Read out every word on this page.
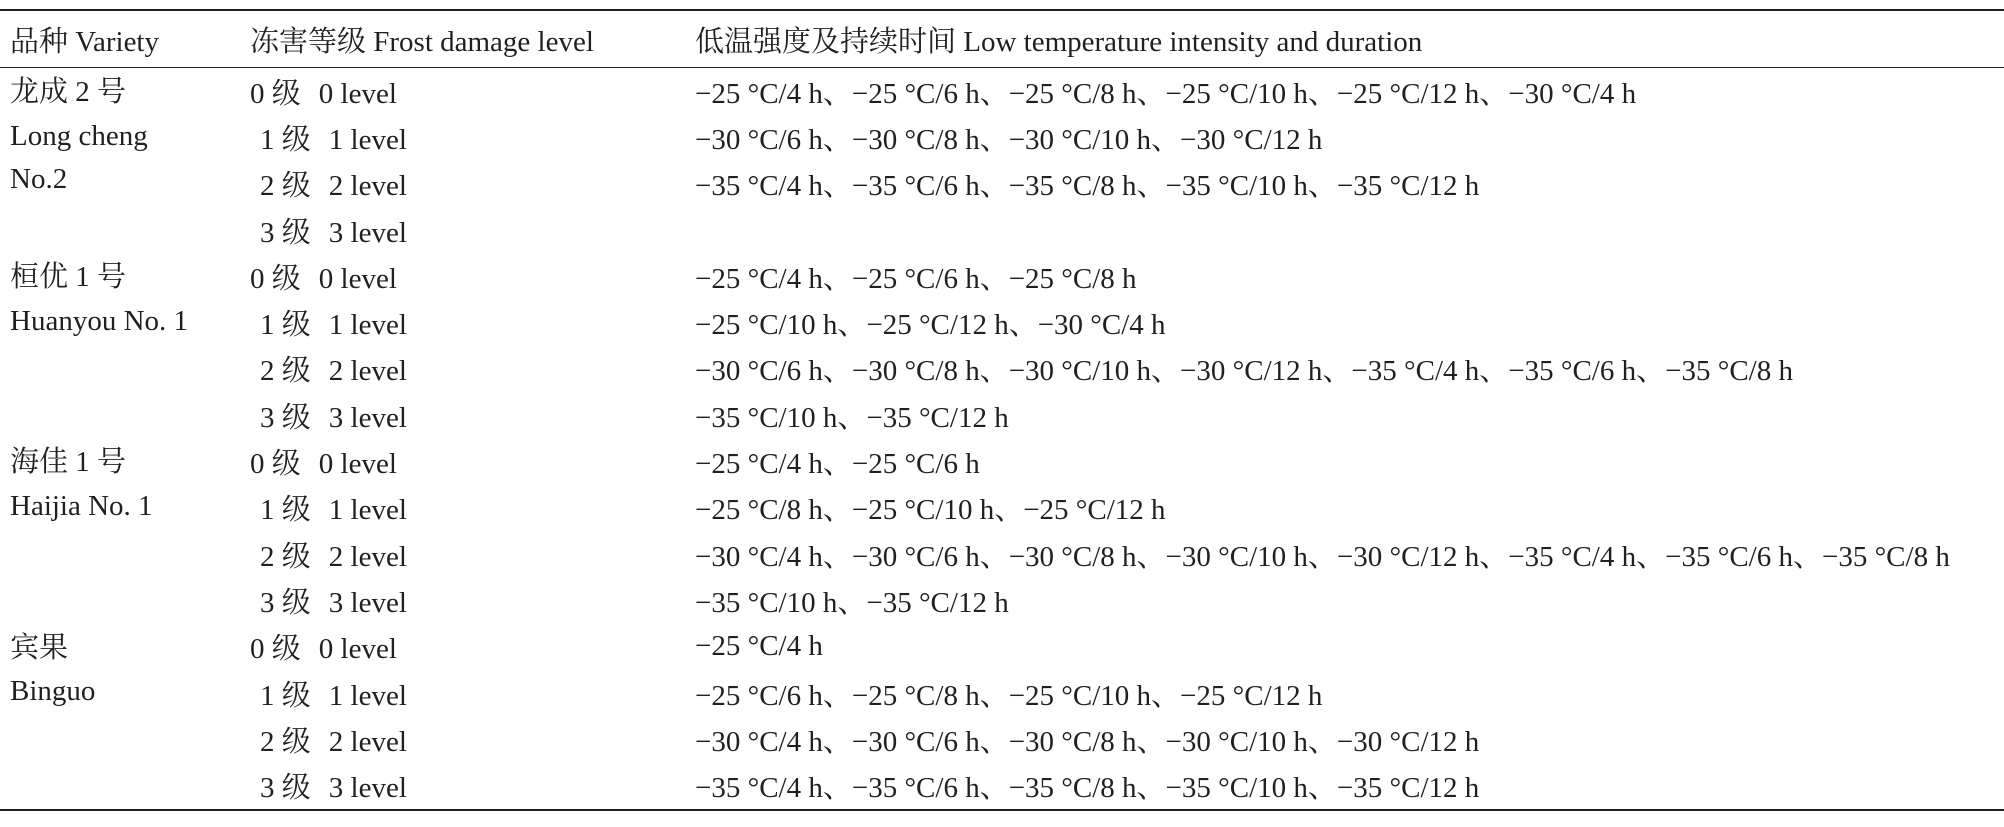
品种 Variety	冻害等级 Frost damage level	低温强度及持续时间 Low temperature intensity and duration
龙成 2 号
Long cheng
No.2	0 级 0 level	−25 °C/4 h、−25 °C/6 h、−25 °C/8 h、−25 °C/10 h、−25 °C/12 h、−30 °C/4 h
	1 级 1 level	−30 °C/6 h、−30 °C/8 h、−30 °C/10 h、−30 °C/12 h
	2 级 2 level	−35 °C/4 h、−35 °C/6 h、−35 °C/8 h、−35 °C/10 h、−35 °C/12 h
	3 级 3 level	

桓优 1 号
Huanyou No. 1	0 级 0 level	−25 °C/4 h、−25 °C/6 h、−25 °C/8 h
	1 级 1 level	−25 °C/10 h、−25 °C/12 h、−30 °C/4 h
	2 级 2 level	−30 °C/6 h、−30 °C/8 h、−30 °C/10 h、−30 °C/12 h、−35 °C/4 h、−35 °C/6 h、−35 °C/8 h
	3 级 3 level	−35 °C/10 h、−35 °C/12 h

海佳 1 号
Haijia No. 1	0 级 0 level	−25 °C/4 h、−25 °C/6 h
	1 级 1 level	−25 °C/8 h、−25 °C/10 h、−25 °C/12 h
	2 级 2 level	−30 °C/4 h、−30 °C/6 h、−30 °C/8 h、−30 °C/10 h、−30 °C/12 h、−35 °C/4 h、−35 °C/6 h、−35 °C/8 h
	3 级 3 level	−35 °C/10 h、−35 °C/12 h

宾果
Binguo	0 级 0 level	−25 °C/4 h
	1 级 1 level	−25 °C/6 h、−25 °C/8 h、−25 °C/10 h、−25 °C/12 h
	2 级 2 level	−30 °C/4 h、−30 °C/6 h、−30 °C/8 h、−30 °C/10 h、−30 °C/12 h
	3 级 3 level	−35 °C/4 h、−35 °C/6 h、−35 °C/8 h、−35 °C/10 h、−35 °C/12 h
